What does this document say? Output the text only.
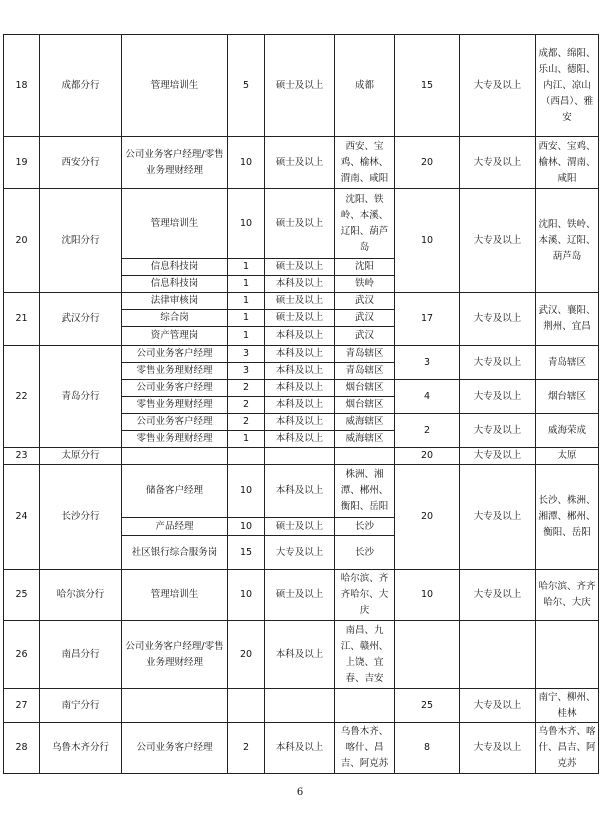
18	成都分行	管理培训生	5	硕士及以上	成都	15	大专及以上	成都、绵阳、乐山、德阳、内江、凉山（西昌）、雅安
19	西安分行	公司业务客户经理/零售业务理财经理	10	硕士及以上	西安、宝鸡、榆林、渭南、咸阳	20	大专及以上	西安、宝鸡、榆林、渭南、咸阳
20	沈阳分行	管理培训生	10	硕士及以上	沈阳、铁岭、本溪、辽阳、葫芦岛	10	大专及以上	沈阳、铁岭、本溪、辽阳、葫芦岛
		信息科技岗	1	硕士及以上	沈阳			
		信息科技岗	1	本科及以上	铁岭			
21	武汉分行	法律审核岗	1	硕士及以上	武汉	17	大专及以上	武汉、襄阳、荆州、宜昌
		综合岗	1	硕士及以上	武汉			
		资产管理岗	1	本科及以上	武汉			
22	青岛分行	公司业务客户经理	3	本科及以上	青岛辖区	3	大专及以上	青岛辖区
		零售业务理财经理	3	本科及以上	青岛辖区			
		公司业务客户经理	2	本科及以上	烟台辖区	4	大专及以上	烟台辖区
		零售业务理财经理	2	本科及以上	烟台辖区			
		公司业务客户经理	2	本科及以上	威海辖区	2	大专及以上	威海荣成
		零售业务理财经理	1	本科及以上	威海辖区			
23	太原分行					20	大专及以上	太原
24	长沙分行	储备客户经理	10	本科及以上	株洲、湘潭、郴州、衡阳、岳阳	20	大专及以上	长沙、株洲、湘潭、郴州、衡阳、岳阳
		产品经理	10	硕士及以上	长沙			
		社区银行综合服务岗	15	大专及以上	长沙			
25	哈尔滨分行	管理培训生	10	硕士及以上	哈尔滨、齐齐哈尔、大庆	10	大专及以上	哈尔滨、齐齐哈尔、大庆
26	南昌分行	公司业务客户经理/零售业务理财经理	20	本科及以上	南昌、九江、赣州、上饶、宜春、吉安			
27	南宁分行					25	大专及以上	南宁、柳州、桂林
28	乌鲁木齐分行	公司业务客户经理	2	本科及以上	乌鲁木齐、喀什、昌吉、阿克苏	8	大专及以上	乌鲁木齐、喀什、昌吉、阿克苏
6
